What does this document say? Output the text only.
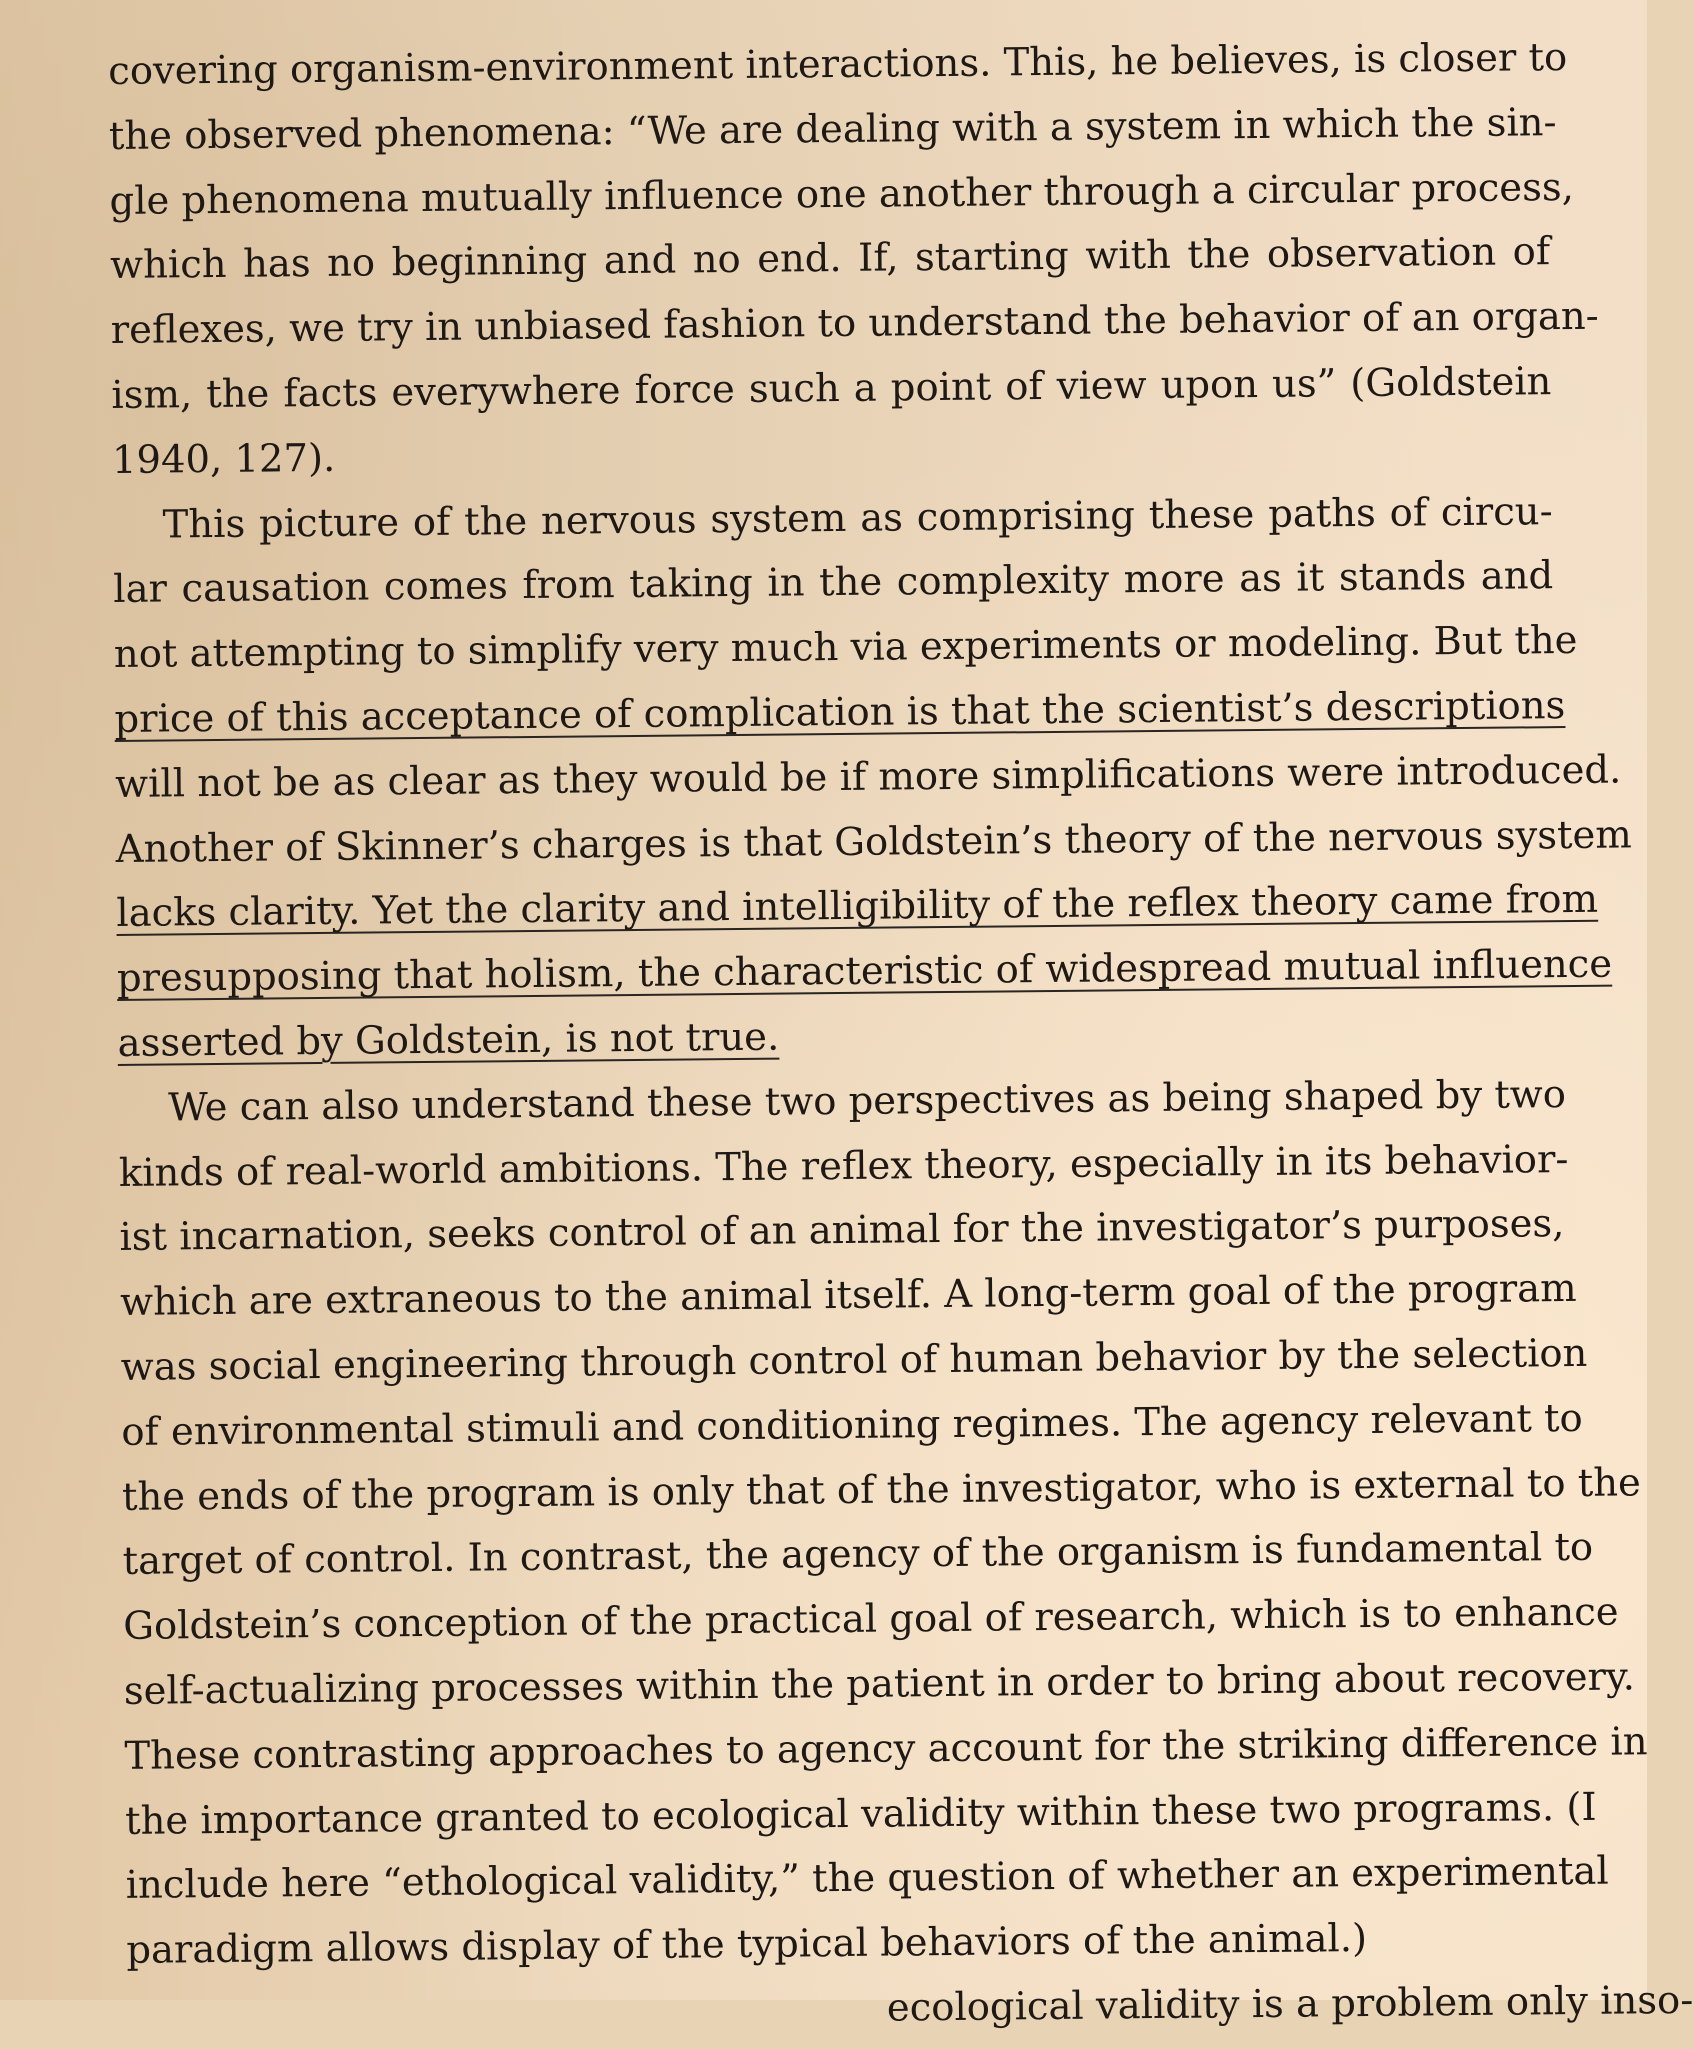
covering organism-environment interactions. This, he believes, is closer to
the observed phenomena: “We are dealing with a system in which the sin-
gle phenomena mutually influence one another through a circular process,
which has no beginning and no end. If, starting with the observation of
reflexes, we try in unbiased fashion to understand the behavior of an organ-
ism, the facts everywhere force such a point of view upon us” (Goldstein
1940, 127).
This picture of the nervous system as comprising these paths of circu-
lar causation comes from taking in the complexity more as it stands and
not attempting to simplify very much via experiments or modeling. But the
price of this acceptance of complication is that the scientist’s descriptions
will not be as clear as they would be if more simplifications were introduced.
Another of Skinner’s charges is that Goldstein’s theory of the nervous system
lacks clarity. Yet the clarity and intelligibility of the reflex theory came from
presupposing that holism, the characteristic of widespread mutual influence
asserted by Goldstein, is not true.
We can also understand these two perspectives as being shaped by two
kinds of real-world ambitions. The reflex theory, especially in its behavior-
ist incarnation, seeks control of an animal for the investigator’s purposes,
which are extraneous to the animal itself. A long-term goal of the program
was social engineering through control of human behavior by the selection
of environmental stimuli and conditioning regimes. The agency relevant to
the ends of the program is only that of the investigator, who is external to the
target of control. In contrast, the agency of the organism is fundamental to
Goldstein’s conception of the practical goal of research, which is to enhance
self-actualizing processes within the patient in order to bring about recovery.
These contrasting approaches to agency account for the striking difference in
the importance granted to ecological validity within these two programs. (I
include here “ethological validity,” the question of whether an experimental
paradigm allows display of the typical behaviors of the animal.)
ecological validity is a problem only inso-
